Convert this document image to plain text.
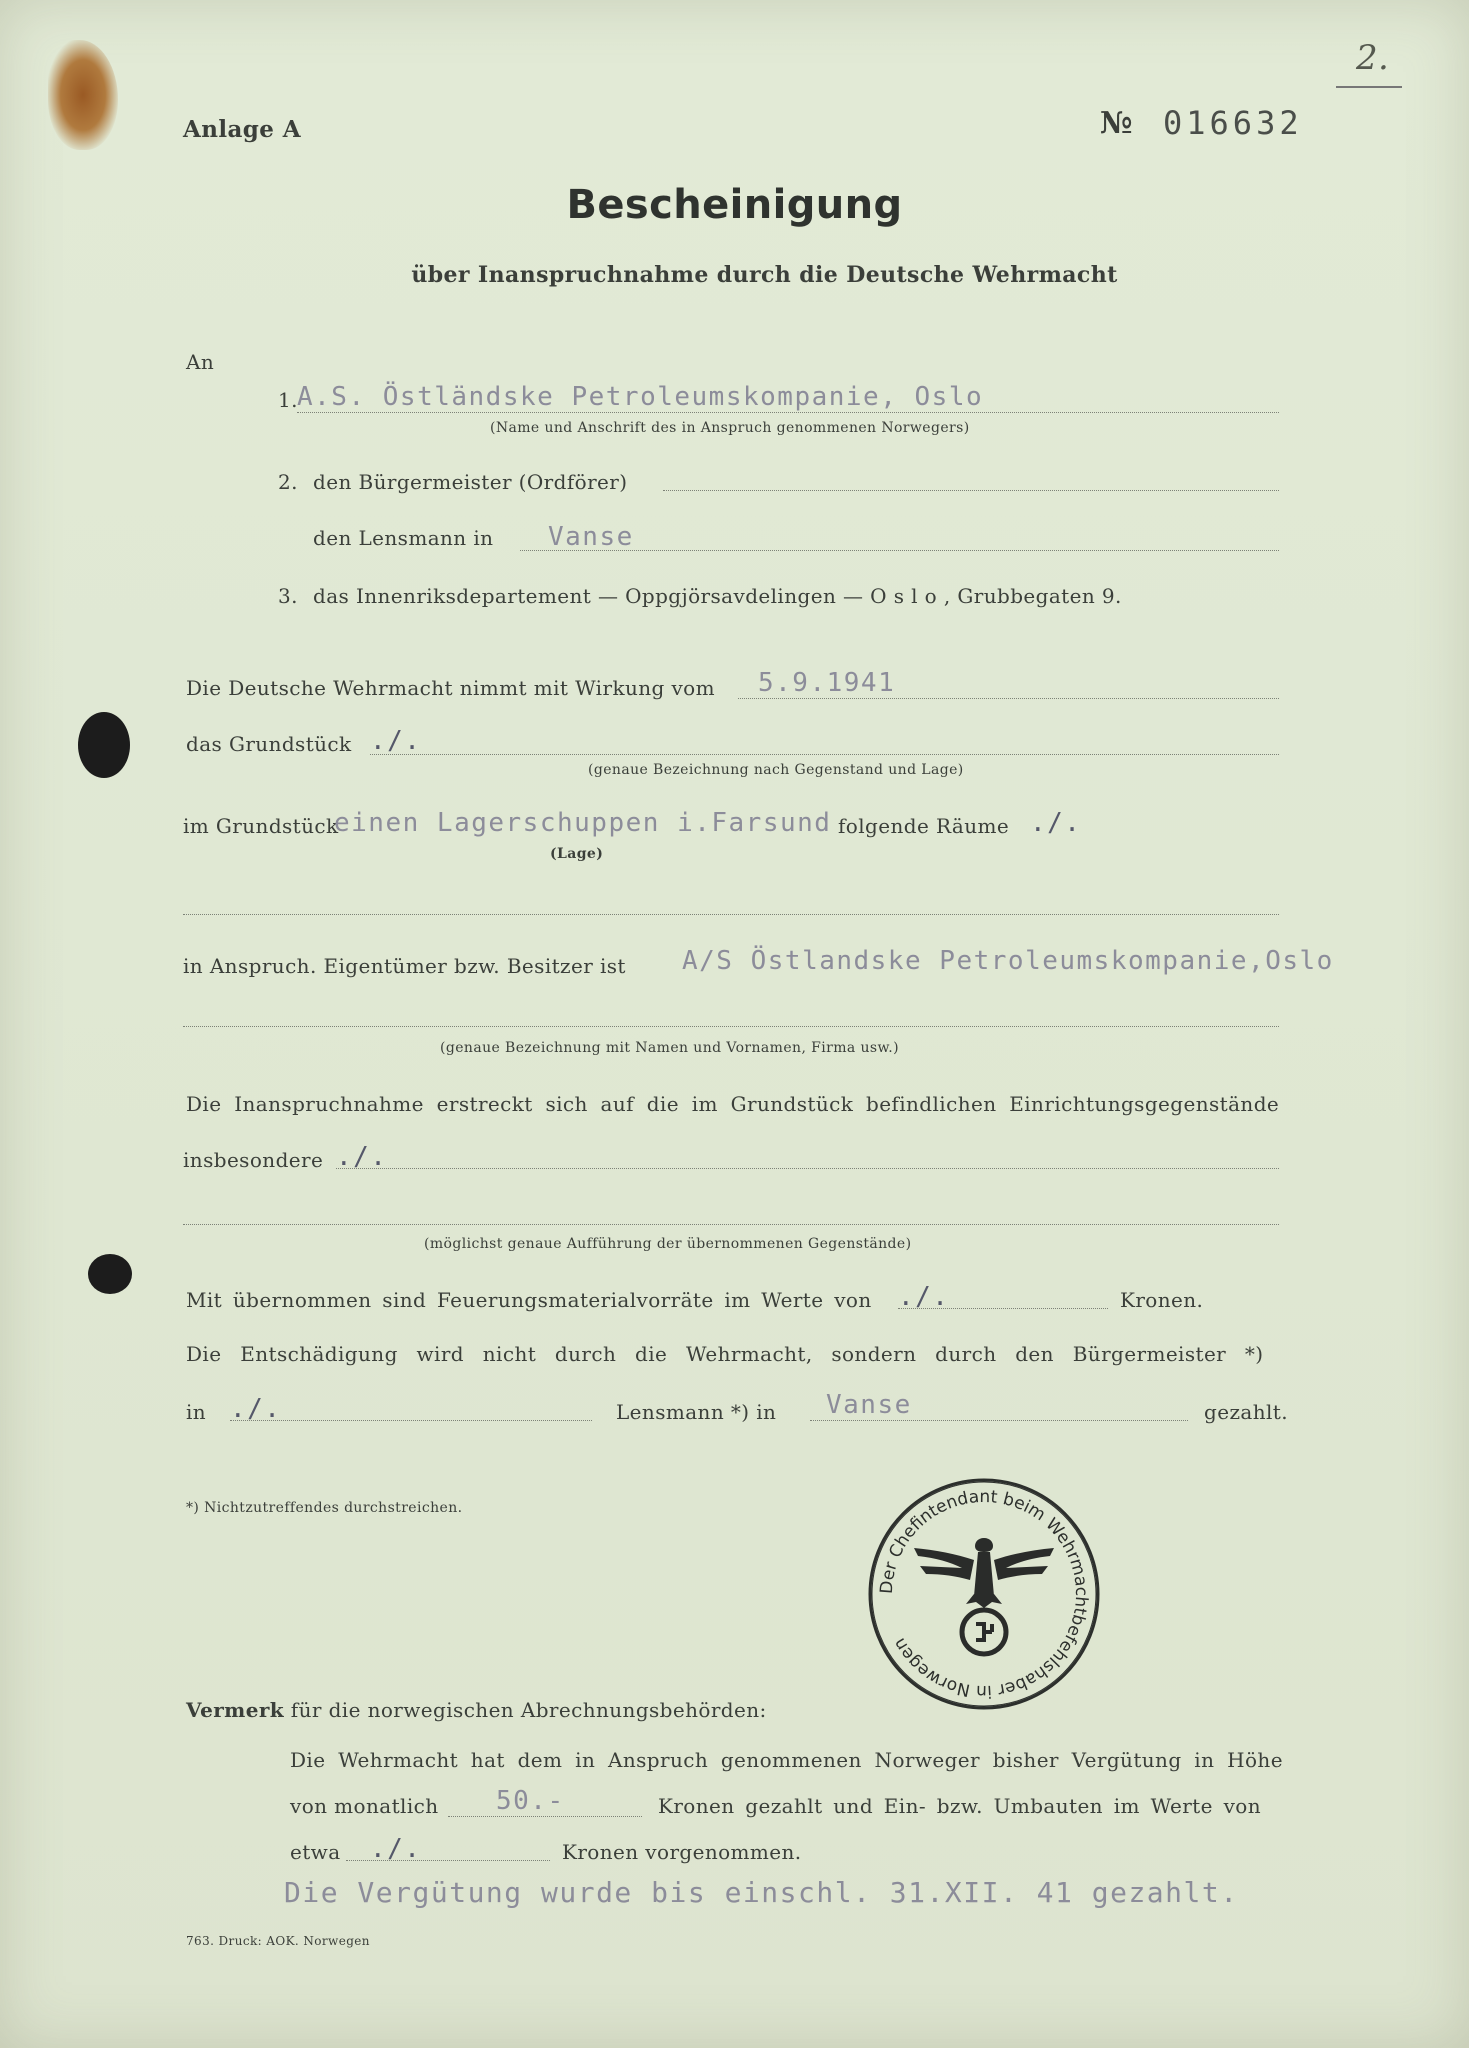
2.
Anlage A	№ 016632
Bescheinigung
über Inanspruchnahme durch die Deutsche Wehrmacht
An
1. A.S. Östländske Petroleumskompanie, Oslo
(Name und Anschrift des in Anspruch genommenen Norwegers)
2. den Bürgermeister (Ordförer)
den Lensmann in Vanse
3. das Innenriksdepartement — Oppgjörsavdelingen — O s l o , Grubbegaten 9.
Die Deutsche Wehrmacht nimmt mit Wirkung vom 5.9.1941
das Grundstück ./.
(genaue Bezeichnung nach Gegenstand und Lage)
im Grundstück
einen Lagerschuppen i.Farsund folgende Räume ./.
(Lage)
in Anspruch. Eigentümer bzw. Besitzer ist A/S Östlandske Petroleumskompanie,Oslo
(genaue Bezeichnung mit Namen und Vornamen, Firma usw.)
Die Inanspruchnahme erstreckt sich auf die im Grundstück befindlichen Einrichtungsgegenstände
insbesondere ./.
(möglichst genaue Aufführung der übernommenen Gegenstände)
Mit übernommen sind Feuerungsmaterialvorräte im Werte von ./.	Kronen.
Die Entschädigung wird nicht durch die Wehrmacht, sondern durch den Bürgermeister *)
in ./.	Lensmann *) in Vanse	gezahlt.
*) Nichtzutreffendes durchstreichen.
Der Chefintendant beim Wehrmachtbefehlshaber in Norwegen
Vermerk für die norwegischen Abrechnungsbehörden:
Die Wehrmacht hat dem in Anspruch genommenen Norweger bisher Vergütung in Höhe
von monatlich 50.-	Kronen gezahlt und Ein- bzw. Umbauten im Werte von
etwa ./.	Kronen vorgenommen.
Die Vergütung wurde bis einschl. 31.XII. 41 gezahlt.
763. Druck: AOK. Norwegen
